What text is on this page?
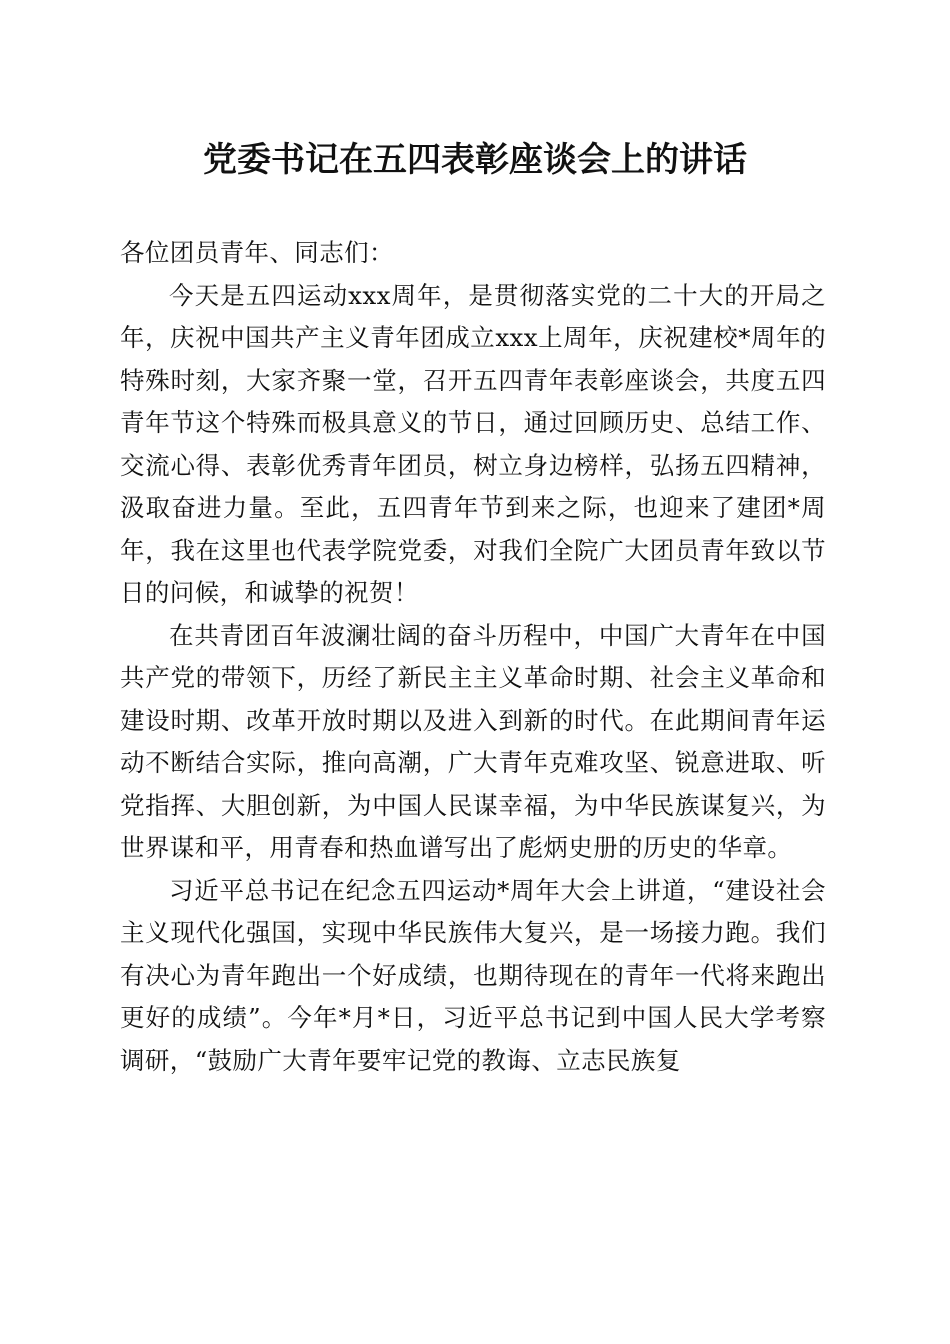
党委书记在五四表彰座谈会上的讲话

各位团员青年、同志们：

今天是五四运动xxx周年，是贯彻落实党的二十大的开局之年，庆祝中国共产主义青年团成立xxx上周年，庆祝建校*周年的特殊时刻，大家齐聚一堂，召开五四青年表彰座谈会，共度五四青年节这个特殊而极具意义的节日，通过回顾历史、总结工作、交流心得、表彰优秀青年团员，树立身边榜样，弘扬五四精神，汲取奋进力量。至此，五四青年节到来之际，也迎来了建团*周年，我在这里也代表学院党委，对我们全院广大团员青年致以节日的问候，和诚挚的祝贺！

在共青团百年波澜壮阔的奋斗历程中，中国广大青年在中国共产党的带领下，历经了新民主主义革命时期、社会主义革命和建设时期、改革开放时期以及进入到新的时代。在此期间青年运动不断结合实际，推向高潮，广大青年克难攻坚、锐意进取、听党指挥、大胆创新，为中国人民谋幸福，为中华民族谋复兴，为世界谋和平，用青春和热血谱写出了彪炳史册的历史的华章。

习近平总书记在纪念五四运动*周年大会上讲道，“建设社会主义现代化强国，实现中华民族伟大复兴，是一场接力跑。我们有决心为青年跑出一个好成绩，也期待现在的青年一代将来跑出更好的成绩”。今年*月*日，习近平总书记到中国人民大学考察调研，“鼓励广大青年要牢记党的教诲、立志民族复
